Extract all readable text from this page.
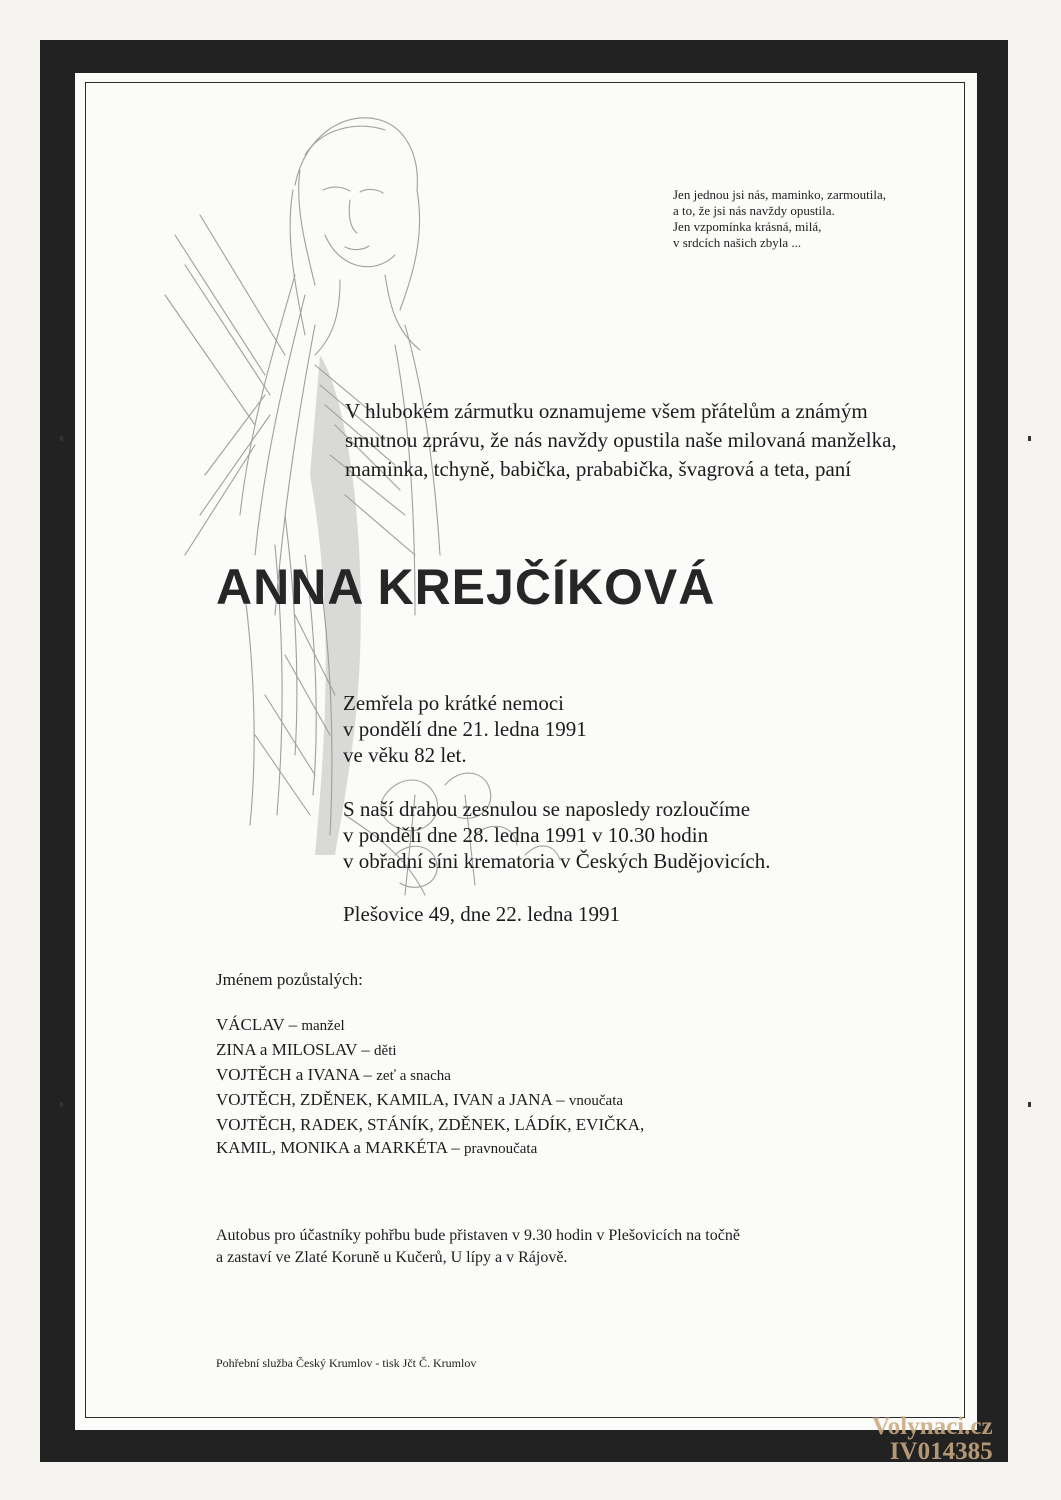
Jen jednou jsi nás, maminko, zarmoutila,
a to, že jsi nás navždy opustila.
Jen vzpomínka krásná, milá,
v srdcích našich zbyla ...
V hlubokém zármutku oznamujeme všem přátelům a známým
smutnou zprávu, že nás navždy opustila naše milovaná manželka,
maminka, tchyně, babička, prababička, švagrová a teta, paní
ANNA KREJČÍKOVÁ
Zemřela po krátké nemoci
v pondělí dne 21. ledna 1991
ve věku 82 let.
S naší drahou zesnulou se naposledy rozloučíme
v pondělí dne 28. ledna 1991 v 10.30 hodin
v obřadní síni krematoria v Českých Budějovicích.
Plešovice 49, dne 22. ledna 1991
Jménem pozůstalých:
VÁCLAV – manžel
ZINA a MILOSLAV – děti
VOJTĚCH a IVANA – zeť a snacha
VOJTĚCH, ZDĚNEK, KAMILA, IVAN a JANA – vnoučata
VOJTĚCH, RADEK, STÁNÍK, ZDĚNEK, LÁDÍK, EVIČKA,
KAMIL, MONIKA a MARKÉTA – pravnoučata
Autobus pro účastníky pohřbu bude přistaven v 9.30 hodin v Plešovicích na točně
a zastaví ve Zlaté Koruně u Kučerů, U lípy a v Rájově.
Pohřební služba Český Krumlov - tisk Jčt Č. Krumlov
Volynaci.cz
IV014385
